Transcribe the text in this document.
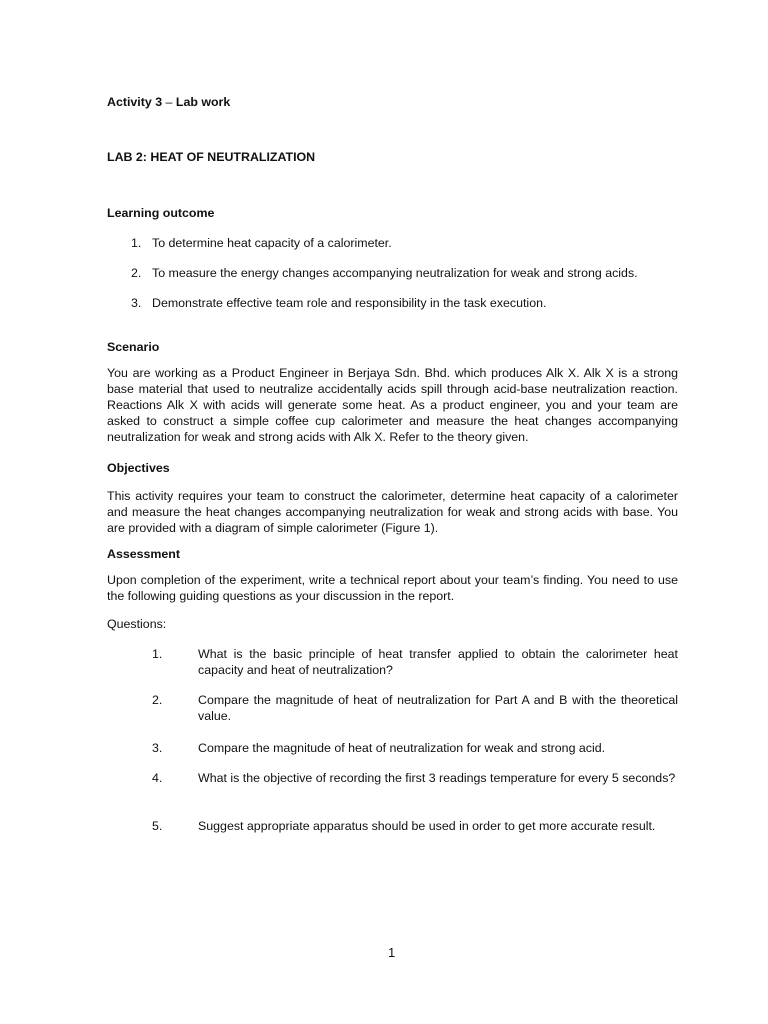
Activity 3 – Lab work
LAB 2: HEAT OF NEUTRALIZATION
Learning outcome
1. To determine heat capacity of a calorimeter.
2. To measure the energy changes accompanying neutralization for weak and strong acids.
3. Demonstrate effective team role and responsibility in the task execution.
Scenario
You are working as a Product Engineer in Berjaya Sdn. Bhd. which produces Alk X. Alk X is a strong base material that used to neutralize accidentally acids spill through acid-base neutralization reaction. Reactions Alk X with acids will generate some heat. As a product engineer, you and your team are asked to construct a simple coffee cup calorimeter and measure the heat changes accompanying neutralization for weak and strong acids with Alk X. Refer to the theory given.
Objectives
This activity requires your team to construct the calorimeter, determine heat capacity of a calorimeter and measure the heat changes accompanying neutralization for weak and strong acids with base. You are provided with a diagram of simple calorimeter (Figure 1).
Assessment
Upon completion of the experiment, write a technical report about your team’s finding. You need to use the following guiding questions as your discussion in the report.
Questions:
1.	What is the basic principle of heat transfer applied to obtain the calorimeter heat capacity and heat of neutralization?
2.	Compare the magnitude of heat of neutralization for Part A and B with the theoretical value.
3.	Compare the magnitude of heat of neutralization for weak and strong acid.
4.	What is the objective of recording the first 3 readings temperature for every 5 seconds?
5.	Suggest appropriate apparatus should be used in order to get more accurate result.
1
